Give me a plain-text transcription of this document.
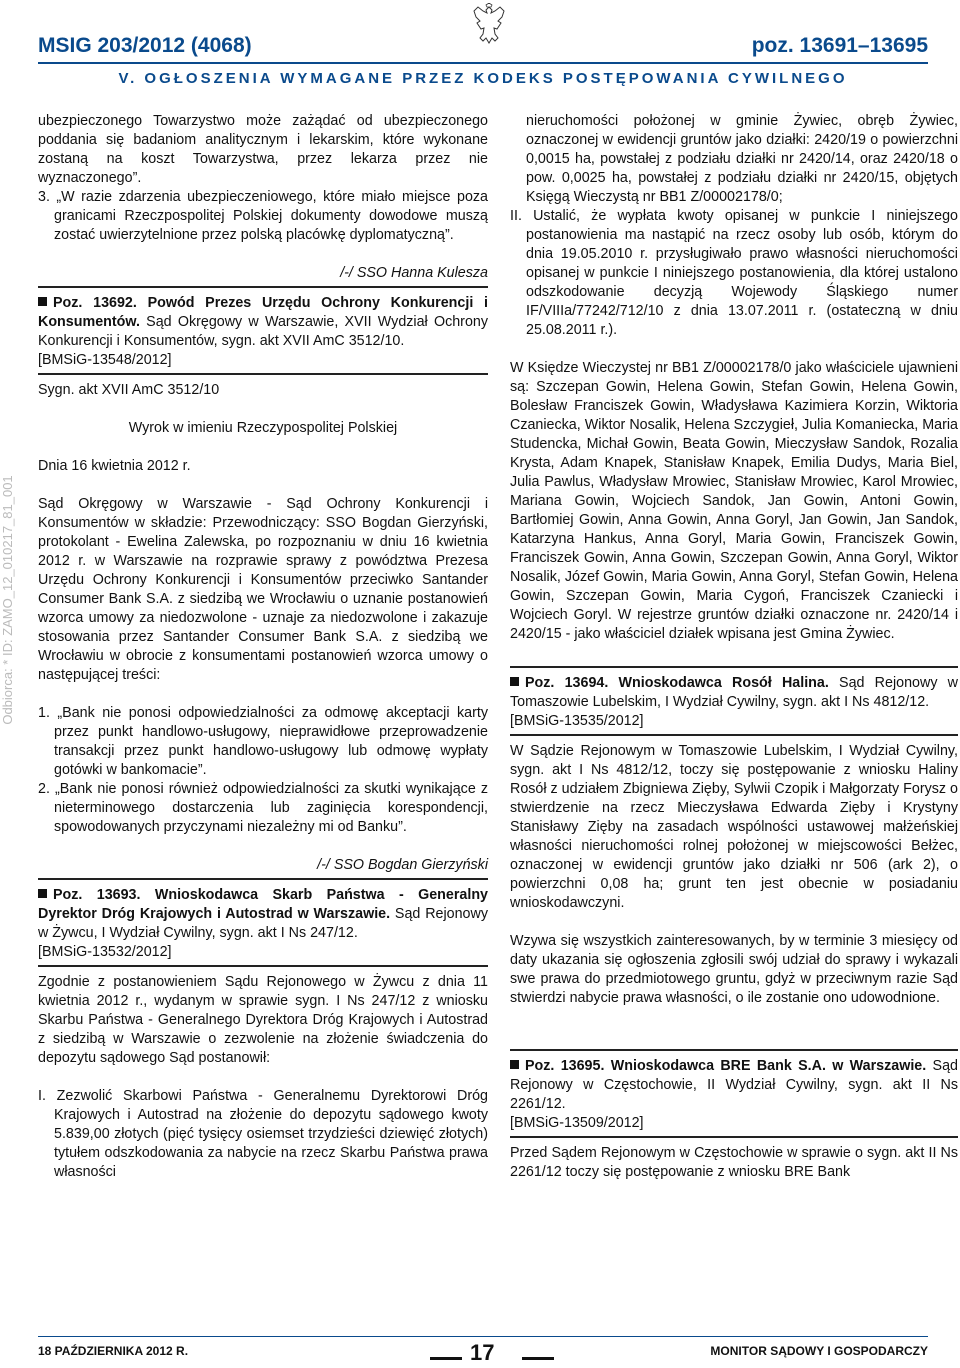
MSIG 203/2012 (4068)	poz. 13691–13695
V. OGŁOSZENIA WYMAGANE PRZEZ KODEKS POSTĘPOWANIA CYWILNEGO
Odbiorca: * ID: ZAMO_12_010217_81_001

ubezpieczonego Towarzystwo może zażądać od ubezpieczonego poddania się badaniom analitycznym i lekarskim, które wykonane zostaną na koszt Towarzystwa, przez lekarza przez nie wyznaczonego”.

3. „W razie zdarzenia ubezpieczeniowego, które miało miejsce poza granicami Rzeczpospolitej Polskiej dokumenty dowodowe muszą zostać uwierzytelnione przez polską placówkę dyplomatyczną”.

/-/ SSO Hanna Kulesza

Poz. 13692. Powód Prezes Urzędu Ochrony Konkurencji i Konsumentów. Sąd Okręgowy w Warszawie, XVII Wydział Ochrony Konkurencji i Konsumentów, sygn. akt XVII AmC 3512/10.

[BMSiG-13548/2012]

Sygn. akt XVII AmC 3512/10

Wyrok w imieniu Rzeczypospolitej Polskiej

Dnia 16 kwietnia 2012 r.

Sąd Okręgowy w Warszawie - Sąd Ochrony Konkurencji i Konsumentów w składzie: Przewodniczący: SSO Bogdan Gierzyński, protokolant - Ewelina Zalewska, po rozpoznaniu w dniu 16 kwietnia 2012 r. w Warszawie na rozprawie sprawy z powództwa Prezesa Urzędu Ochrony Konkurencji i Konsumentów przeciwko Santander Consumer Bank S.A. z siedzibą we Wrocławiu o uznanie postanowień wzorca umowy za niedozwolone - uznaje za niedozwolone i zakazuje stosowania przez Santander Consumer Bank S.A. z siedzibą we Wrocławiu w obrocie z konsumentami postanowień wzorca umowy o następującej treści:

1. „Bank nie ponosi odpowiedzialności za odmowę akceptacji karty przez punkt handlowo-usługowy, nieprawidłowe przeprowadzenie transakcji przez punkt handlowo-usługowy lub odmowę wypłaty gotówki w bankomacie”.

2. „Bank nie ponosi również odpowiedzialności za skutki wynikające z nieterminowego dostarczenia lub zaginięcia korespondencji, spowodowanych przyczynami niezależny mi od Banku”.

/-/ SSO Bogdan Gierzyński

Poz. 13693. Wnioskodawca Skarb Państwa - Generalny Dyrektor Dróg Krajowych i Autostrad w Warszawie. Sąd Rejonowy w Żywcu, I Wydział Cywilny, sygn. akt I Ns 247/12.

[BMSiG-13532/2012]

Zgodnie z postanowieniem Sądu Rejonowego w Żywcu z dnia 11 kwietnia 2012 r., wydanym w sprawie sygn. I Ns 247/12 z wniosku Skarbu Państwa - Generalnego Dyrektora Dróg Krajowych i Autostrad z siedzibą w Warszawie o zezwolenie na złożenie świadczenia do depozytu sądowego Sąd postanowił:

I. Zezwolić Skarbowi Państwa - Generalnemu Dyrektorowi Dróg Krajowych i Autostrad na złożenie do depozytu sądowego kwoty 5.839,00 złotych (pięć tysięcy osiemset trzydzieści dziewięć złotych) tytułem odszkodowania za nabycie na rzecz Skarbu Państwa prawa własności

nieruchomości położonej w gminie Żywiec, obręb Żywiec, oznaczonej w ewidencji gruntów jako działki: 2420/19 o powierzchni 0,0015 ha, powstałej z podziału działki nr 2420/14, oraz 2420/18 o pow. 0,0025 ha, powstałej z podziału działki nr 2420/15, objętych Księgą Wieczystą nr BB1 Z/00002178/0;

II. Ustalić, że wypłata kwoty opisanej w punkcie I niniejszego postanowienia ma nastąpić na rzecz osoby lub osób, którym do dnia 19.05.2010 r. przysługiwało prawo własności nieruchomości opisanej w punkcie I niniejszego postanowienia, dla której ustalono odszkodowanie decyzją Wojewody Śląskiego numer IF/VIIIa/77242/712/10 z dnia 13.07.2011 r. (ostateczną w dniu 25.08.2011 r.).

W Księdze Wieczystej nr BB1 Z/00002178/0 jako właściciele ujawnieni są: Szczepan Gowin, Helena Gowin, Stefan Gowin, Helena Gowin, Bolesław Franciszek Gowin, Władysława Kazimiera Korzin, Wiktoria Czaniecka, Wiktor Nosalik, Helena Szczygieł, Julia Komaniecka, Maria Studencka, Michał Gowin, Beata Gowin, Mieczysław Sandok, Rozalia Krysta, Adam Knapek, Stanisław Knapek, Emilia Dudys, Maria Biel, Julia Pawlus, Władysław Mrowiec, Stanisław Mrowiec, Karol Mrowiec, Mariana Gowin, Wojciech Sandok, Jan Gowin, Antoni Gowin, Bartłomiej Gowin, Anna Gowin, Anna Goryl, Jan Gowin, Jan Sandok, Katarzyna Hankus, Anna Goryl, Maria Gowin, Franciszek Gowin, Franciszek Gowin, Anna Gowin, Szczepan Gowin, Anna Goryl, Wiktor Nosalik, Józef Gowin, Maria Gowin, Anna Goryl, Stefan Gowin, Helena Gowin, Szczepan Gowin, Maria Cygoń, Franciszek Czaniecki i Wojciech Goryl. W rejestrze gruntów działki oznaczone nr. 2420/14 i 2420/15 - jako właściciel działek wpisana jest Gmina Żywiec.

Poz. 13694. Wnioskodawca Rosół Halina. Sąd Rejonowy w Tomaszowie Lubelskim, I Wydział Cywilny, sygn. akt I Ns 4812/12.

[BMSiG-13535/2012]

W Sądzie Rejonowym w Tomaszowie Lubelskim, I Wydział Cywilny, sygn. akt I Ns 4812/12, toczy się postępowanie z wniosku Haliny Rosół z udziałem Zbigniewa Zięby, Sylwii Czopik i Małgorzaty Forysz o stwierdzenie na rzecz Mieczysława Edwarda Zięby i Krystyny Stanisławy Zięby na zasadach wspólności ustawowej małżeńskiej własności nieruchomości rolnej położonej w miejscowości Bełżec, oznaczonej w ewidencji gruntów jako działki nr 506 (ark 2), o powierzchni 0,08 ha; grunt ten jest obecnie w posiadaniu wnioskodawczyni.

Wzywa się wszystkich zainteresowanych, by w terminie 3 miesięcy od daty ukazania się ogłoszenia zgłosili swój udział do sprawy i wykazali swe prawa do przedmiotowego gruntu, gdyż w przeciwnym razie Sąd stwierdzi nabycie prawa własności, o ile zostanie ono udowodnione.

Poz. 13695. Wnioskodawca BRE Bank S.A. w Warszawie. Sąd Rejonowy w Częstochowie, II Wydział Cywilny, sygn. akt II Ns 2261/12.

[BMSiG-13509/2012]

Przed Sądem Rejonowym w Częstochowie w sprawie o sygn. akt II Ns 2261/12 toczy się postępowanie z wniosku BRE Bank

18 PAŹDZIERNIKA 2012 R.	17	MONITOR SĄDOWY I GOSPODARCZY
